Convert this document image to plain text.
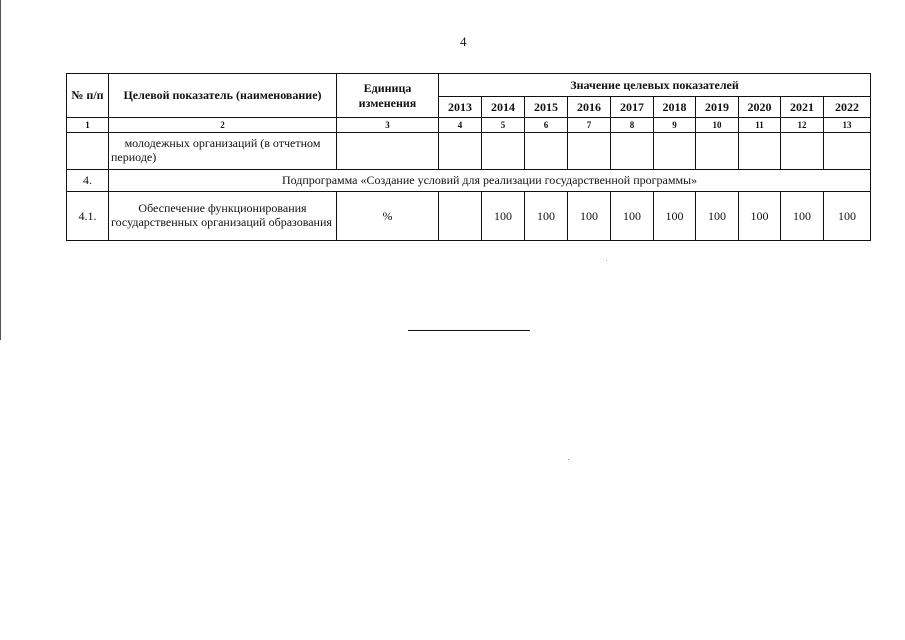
4
№ п/п	Целевой показатель (наименование)	Единица изменения	Значение целевых показателей									
			2013	2014	2015	2016	2017	2018	2019	2020	2021	2022
1	2	3	4	5	6	7	8	9	10	11	12	13
	молодежных организаций (в отчетном периоде)											
4.	Подпрограмма «Создание условий для реализации государственной программы»											
4.1.	Обеспечение функционирования государственных организаций образования	%		100	100	100	100	100	100	100	100	100
